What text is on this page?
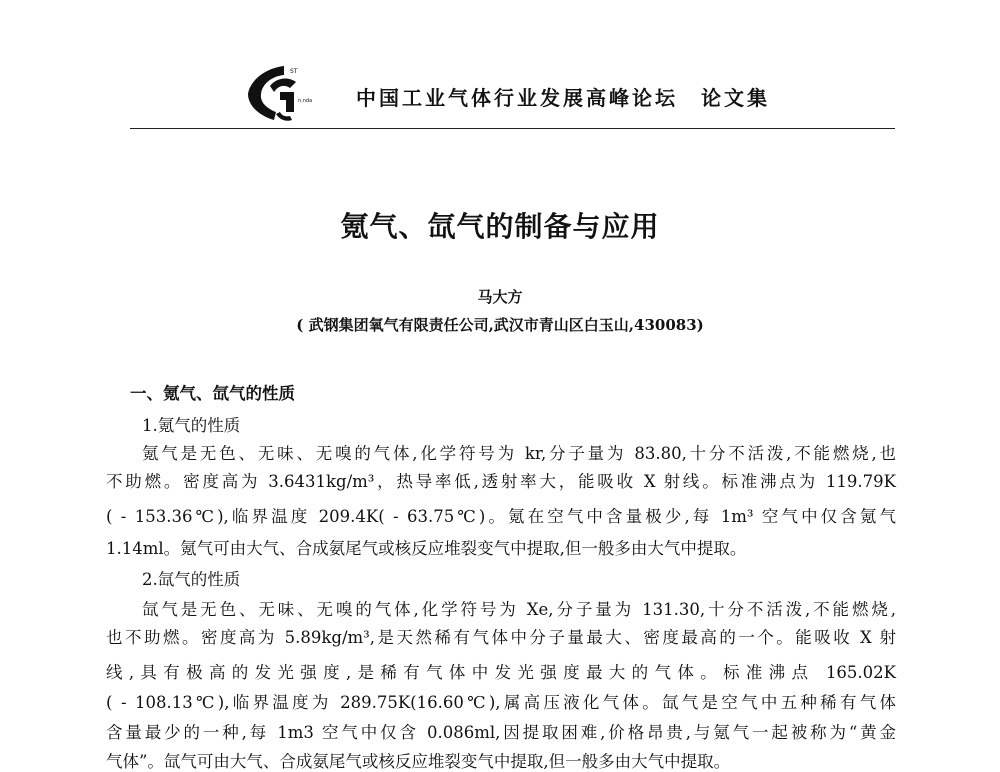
ST
n.nda 中国工业气体行业发展高峰论坛　论文集
氪气、氙气的制备与应用
马大方
( 武钢集团氧气有限责任公司,武汉市青山区白玉山,430083)
一、氪气、氙气的性质
1.氪气的性质
氪气是无色、无味、无嗅的气体,化学符号为 kr,分子量为 83.80,十分不活泼,不能燃烧,也
不助燃。密度高为 3.6431kg/m³，热导率低,透射率大，能吸收 X 射线。标准沸点为 119.79K
( - 153.36℃),临界温度 209.4K( - 63.75℃)。氪在空气中含量极少,每 1m³ 空气中仅含氪气
1.14ml。氪气可由大气、合成氨尾气或核反应堆裂变气中提取,但一般多由大气中提取。
2.氙气的性质
氙气是无色、无味、无嗅的气体,化学符号为 Xe,分子量为 131.30,十分不活泼,不能燃烧,
也不助燃。密度高为 5.89kg/m³,是天然稀有气体中分子量最大、密度最高的一个。能吸收 X 射
线,具有极高的发光强度,是稀有气体中发光强度最大的气体。标准沸点 165.02K
( - 108.13℃),临界温度为 289.75K(16.60℃),属高压液化气体。氙气是空气中五种稀有气体
含量最少的一种,每 1m3 空气中仅含 0.086ml,因提取困难,价格昂贵,与氪气一起被称为“黄金
气体”。氙气可由大气、合成氨尾气或核反应堆裂变气中提取,但一般多由大气中提取。
